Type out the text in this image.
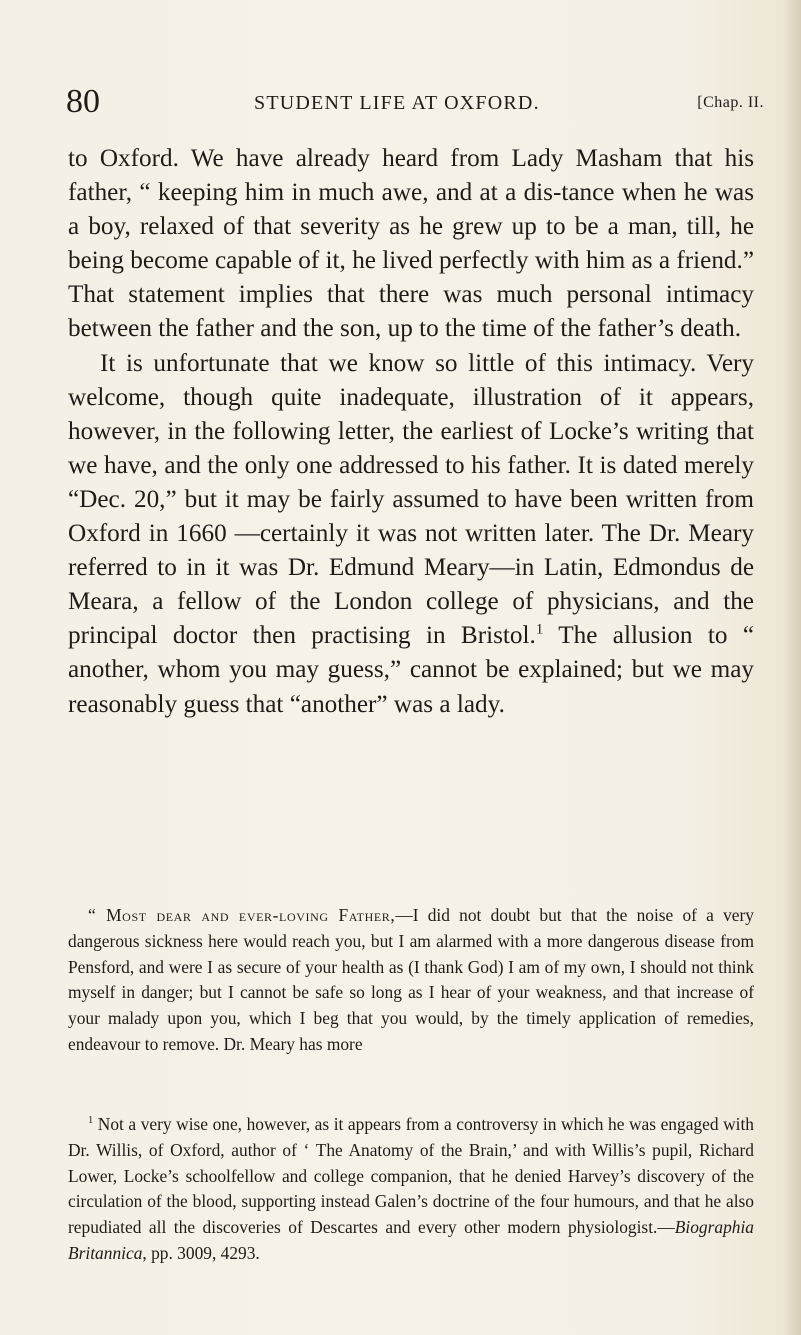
80	STUDENT LIFE AT OXFORD.	[Chap. II.

to Oxford. We have already heard from Lady Masham that his father, “ keeping him in much awe, and at a dis-tance when he was a boy, relaxed of that severity as he grew up to be a man, till, he being become capable of it, he lived perfectly with him as a friend.” That statement implies that there was much personal intimacy between the father and the son, up to the time of the father’s death.

It is unfortunate that we know so little of this intimacy. Very welcome, though quite inadequate, illustration of it appears, however, in the following letter, the earliest of Locke’s writing that we have, and the only one addressed to his father. It is dated merely “Dec. 20,” but it may be fairly assumed to have been written from Oxford in 1660 —certainly it was not written later. The Dr. Meary referred to in it was Dr. Edmund Meary—in Latin, Edmondus de Meara, a fellow of the London college of physicians, and the principal doctor then practising in Bristol.$^1$ The allusion to “ another, whom you may guess,” cannot be explained; but we may reasonably guess that “another” was a lady.

“ Most dear and ever-loving Father,—I did not doubt but that the noise of a very dangerous sickness here would reach you, but I am alarmed with a more dangerous disease from Pensford, and were I as secure of your health as (I thank God) I am of my own, I should not think myself in danger; but I cannot be safe so long as I hear of your weakness, and that increase of your malady upon you, which I beg that you would, by the timely application of remedies, endeavour to remove. Dr. Meary has more

$^1$ Not a very wise one, however, as it appears from a controversy in which he was engaged with Dr. Willis, of Oxford, author of ‘ The Anatomy of the Brain,’ and with Willis’s pupil, Richard Lower, Locke’s schoolfellow and college companion, that he denied Harvey’s discovery of the circulation of the blood, supporting instead Galen’s doctrine of the four humours, and that he also repudiated all the discoveries of Descartes and every other modern physiologist.—Biographia Britannica, pp. 3009, 4293.
